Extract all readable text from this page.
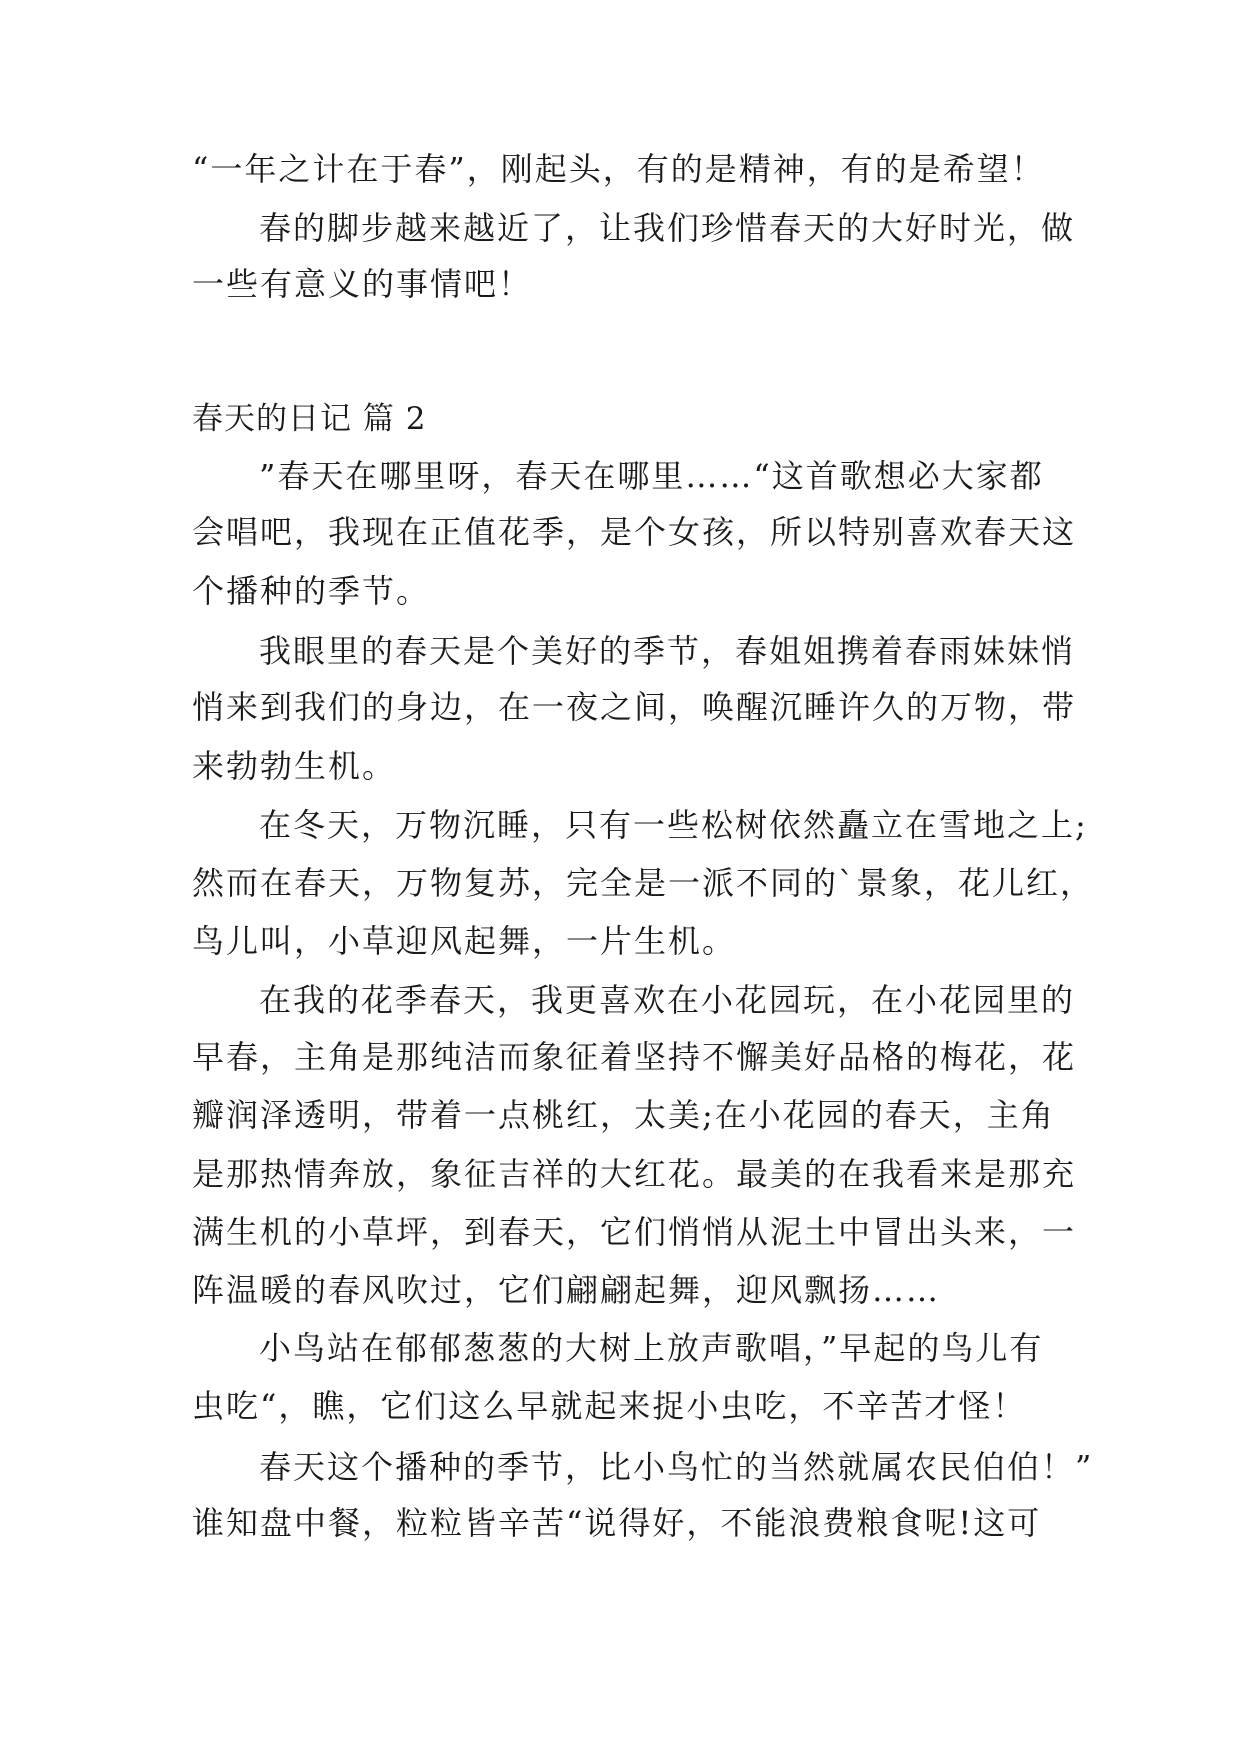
“一年之计在于春”，刚起头，有的是精神，有的是希望！
春的脚步越来越近了，让我们珍惜春天的大好时光，做
一些有意义的事情吧！
春天的日记 篇 2
”春天在哪里呀，春天在哪里……“这首歌想必大家都
会唱吧，我现在正值花季，是个女孩，所以特别喜欢春天这
个播种的季节。
我眼里的春天是个美好的季节，春姐姐携着春雨妹妹悄
悄来到我们的身边，在一夜之间，唤醒沉睡许久的万物，带
来勃勃生机。
在冬天，万物沉睡，只有一些松树依然矗立在雪地之上;
然而在春天，万物复苏，完全是一派不同的`景象，花儿红，
鸟儿叫，小草迎风起舞，一片生机。
在我的花季春天，我更喜欢在小花园玩，在小花园里的
早春，主角是那纯洁而象征着坚持不懈美好品格的梅花，花
瓣润泽透明，带着一点桃红，太美;在小花园的春天，主角
是那热情奔放，象征吉祥的大红花。最美的在我看来是那充
满生机的小草坪，到春天，它们悄悄从泥土中冒出头来，一
阵温暖的春风吹过，它们翩翩起舞，迎风飘扬……
小鸟站在郁郁葱葱的大树上放声歌唱，”早起的鸟儿有
虫吃“，瞧，它们这么早就起来捉小虫吃，不辛苦才怪！
春天这个播种的季节，比小鸟忙的当然就属农民伯伯！”
谁知盘中餐，粒粒皆辛苦“说得好，不能浪费粮食呢!这可
